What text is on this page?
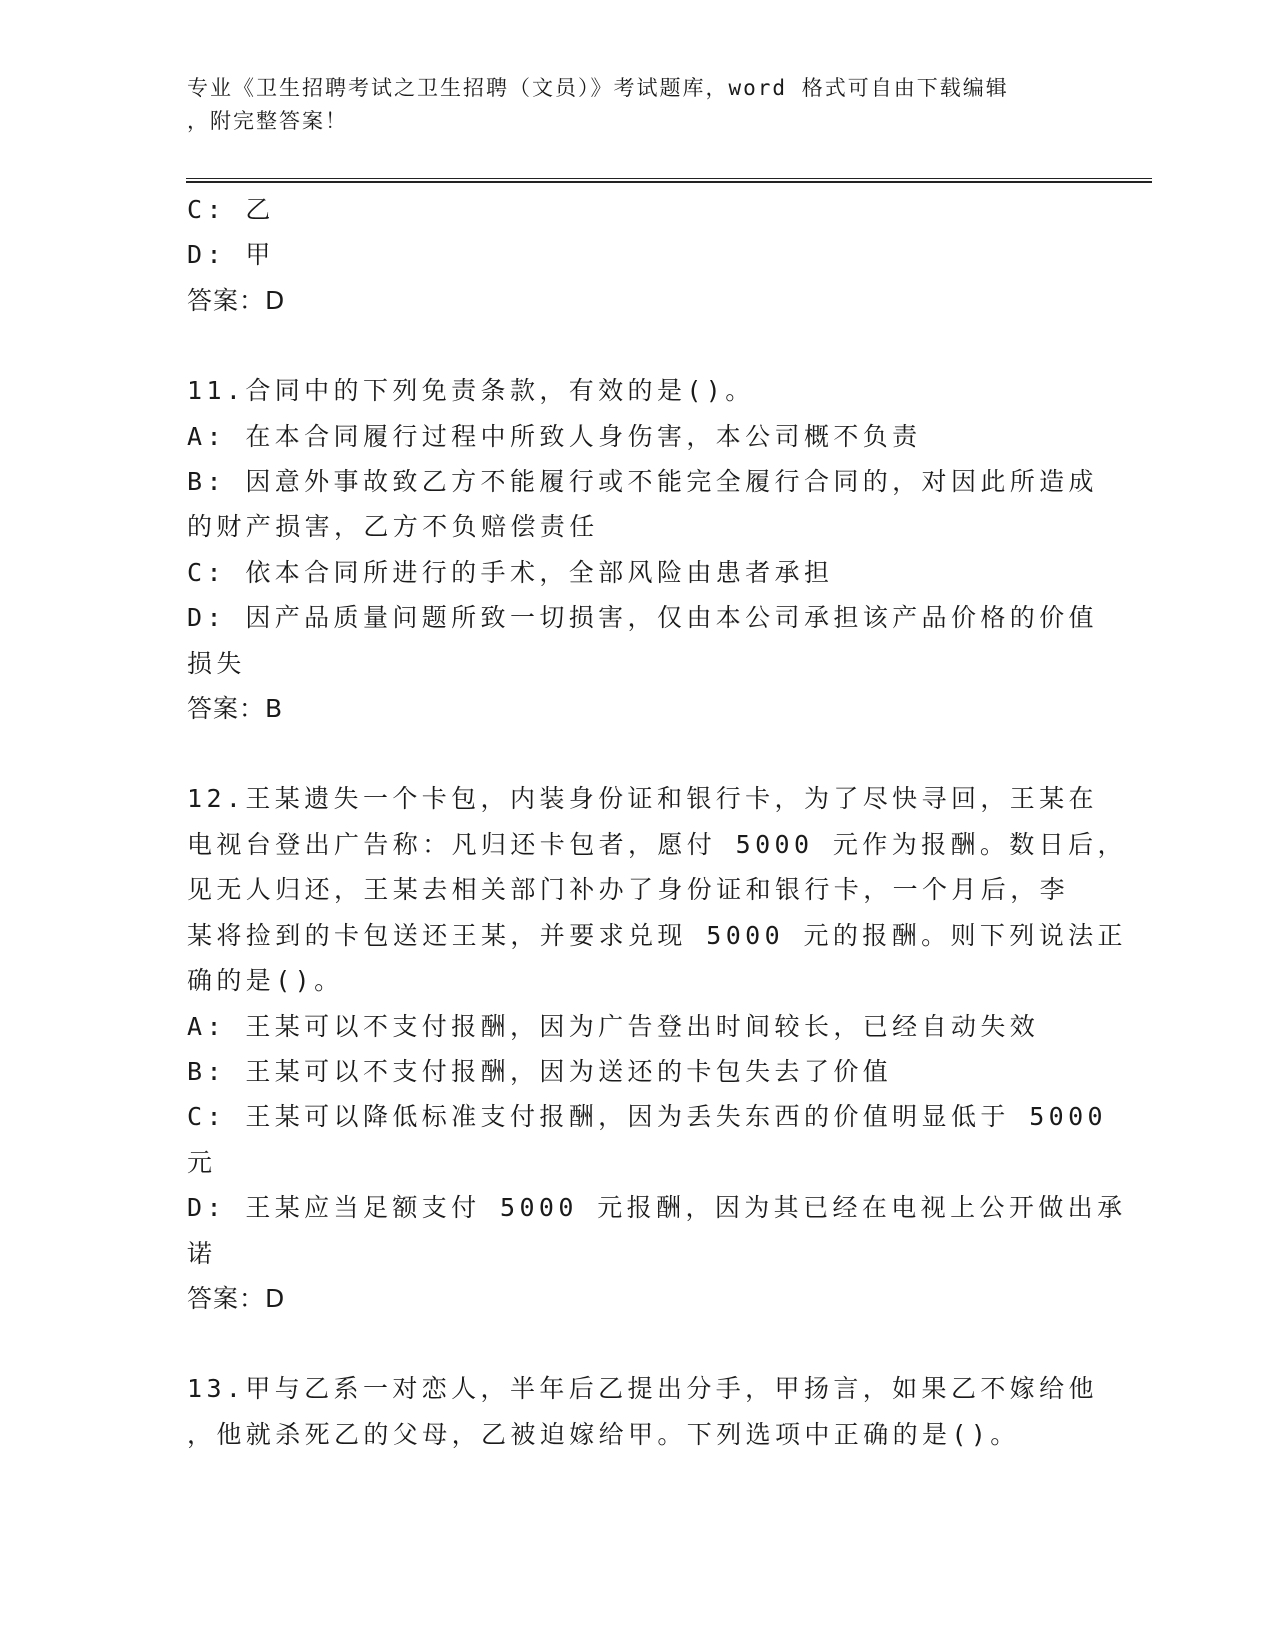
专业《卫生招聘考试之卫生招聘（文员）》考试题库，word 格式可自由下载编辑
，附完整答案！
C: 乙
D: 甲
答案：D
11.合同中的下列免责条款，有效的是()。
A: 在本合同履行过程中所致人身伤害，本公司概不负责
B: 因意外事故致乙方不能履行或不能完全履行合同的，对因此所造成
的财产损害，乙方不负赔偿责任
C: 依本合同所进行的手术，全部风险由患者承担
D: 因产品质量问题所致一切损害，仅由本公司承担该产品价格的价值
损失
答案：B
12.王某遗失一个卡包，内装身份证和银行卡，为了尽快寻回，王某在
电视台登出广告称：凡归还卡包者，愿付 5000 元作为报酬。数日后，
见无人归还，王某去相关部门补办了身份证和银行卡，一个月后，李
某将捡到的卡包送还王某，并要求兑现 5000 元的报酬。则下列说法正
确的是()。
A: 王某可以不支付报酬，因为广告登出时间较长，已经自动失效
B: 王某可以不支付报酬，因为送还的卡包失去了价值
C: 王某可以降低标准支付报酬，因为丢失东西的价值明显低于 5000
元
D: 王某应当足额支付 5000 元报酬，因为其已经在电视上公开做出承
诺
答案：D
13.甲与乙系一对恋人，半年后乙提出分手，甲扬言，如果乙不嫁给他
，他就杀死乙的父母，乙被迫嫁给甲。下列选项中正确的是()。
